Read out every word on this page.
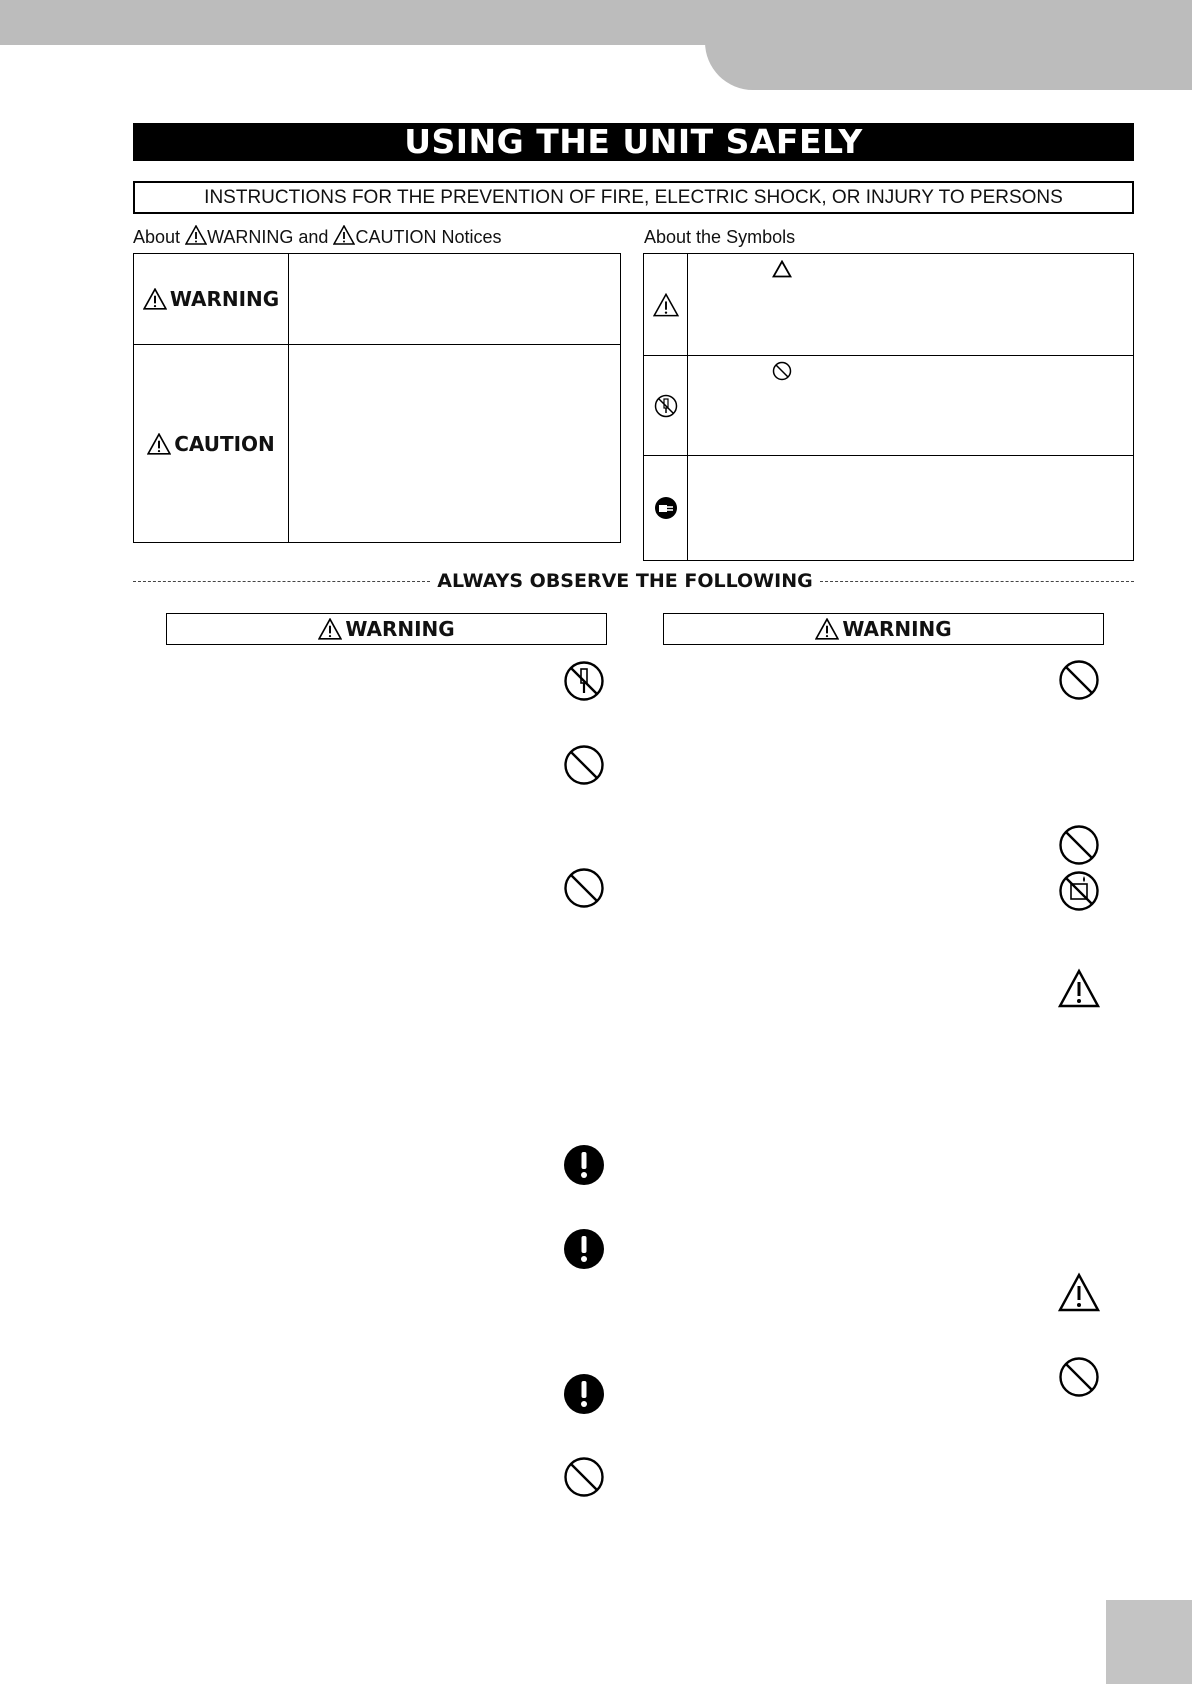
USING THE UNIT SAFELY
INSTRUCTIONS FOR THE PREVENTION OF FIRE, ELECTRIC SHOCK, OR INJURY TO PERSONS
About WARNING and CAUTION Notices	About the Symbols
WARNING
CAUTION
ALWAYS OBSERVE THE FOLLOWING
WARNING	WARNING
